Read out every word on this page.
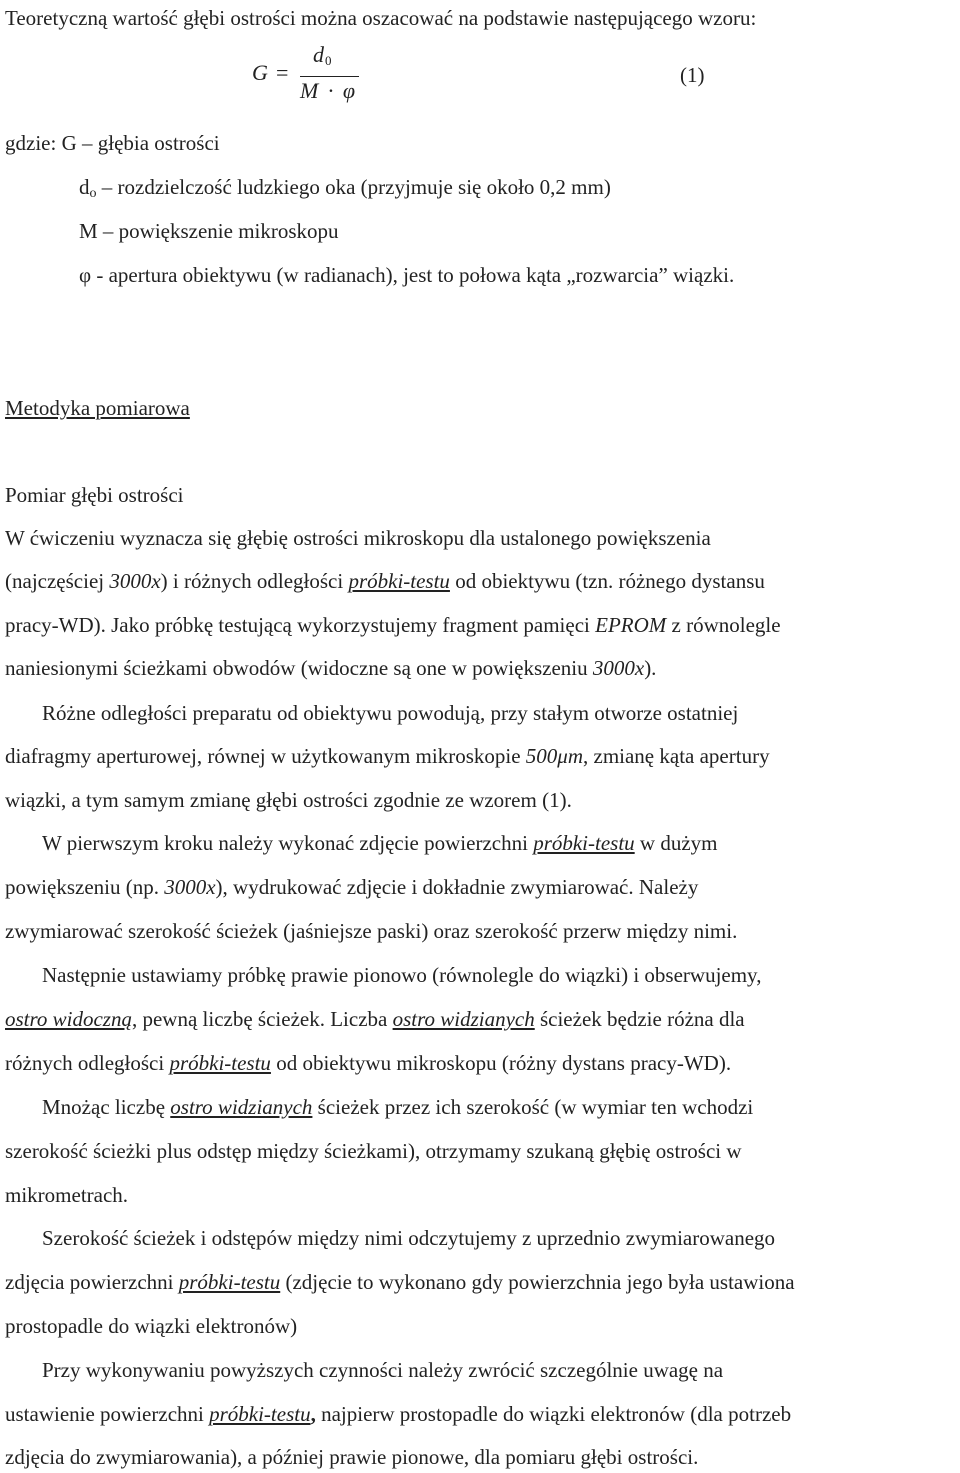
Teoretyczną wartość głębi ostrości można oszacować na podstawie następującego wzoru:
G =
$d_0$
M · φ
(1)
gdzie: G – głębia ostrości
do – rozdzielczość ludzkiego oka (przyjmuje się około 0,2 mm)
M – powiększenie mikroskopu
φ - apertura obiektywu (w radianach), jest to połowa kąta „rozwarcia” wiązki.
Metodyka pomiarowa
Pomiar głębi ostrości
W ćwiczeniu wyznacza się głębię ostrości mikroskopu dla ustalonego powiększenia
(najczęściej 3000x) i różnych odległości próbki-testu od obiektywu (tzn. różnego dystansu
pracy-WD). Jako próbkę testującą wykorzystujemy fragment pamięci EPROM z równolegle
naniesionymi ścieżkami obwodów (widoczne są one w powiększeniu 3000x).
Różne odległości preparatu od obiektywu powodują, przy stałym otworze ostatniej
diafragmy aperturowej, równej w użytkowanym mikroskopie 500μm, zmianę kąta apertury
wiązki, a tym samym zmianę głębi ostrości zgodnie ze wzorem (1).
W pierwszym kroku należy wykonać zdjęcie powierzchni próbki-testu w dużym
powiększeniu (np. 3000x), wydrukować zdjęcie i dokładnie zwymiarować. Należy
zwymiarować szerokość ścieżek (jaśniejsze paski) oraz szerokość przerw między nimi.
Następnie ustawiamy próbkę prawie pionowo (równolegle do wiązki) i obserwujemy,
ostro widoczną, pewną liczbę ścieżek. Liczba ostro widzianych ścieżek będzie różna dla
różnych odległości próbki-testu od obiektywu mikroskopu (różny dystans pracy-WD).
Mnożąc liczbę ostro widzianych ścieżek przez ich szerokość (w wymiar ten wchodzi
szerokość ścieżki plus odstęp między ścieżkami), otrzymamy szukaną głębię ostrości w
mikrometrach.
Szerokość ścieżek i odstępów między nimi odczytujemy z uprzednio zwymiarowanego
zdjęcia powierzchni próbki-testu (zdjęcie to wykonano gdy powierzchnia jego była ustawiona
prostopadle do wiązki elektronów)
Przy wykonywaniu powyższych czynności należy zwrócić szczególnie uwagę na
ustawienie powierzchni próbki-testu, najpierw prostopadle do wiązki elektronów (dla potrzeb
zdjęcia do zwymiarowania), a później prawie pionowe, dla pomiaru głębi ostrości.
